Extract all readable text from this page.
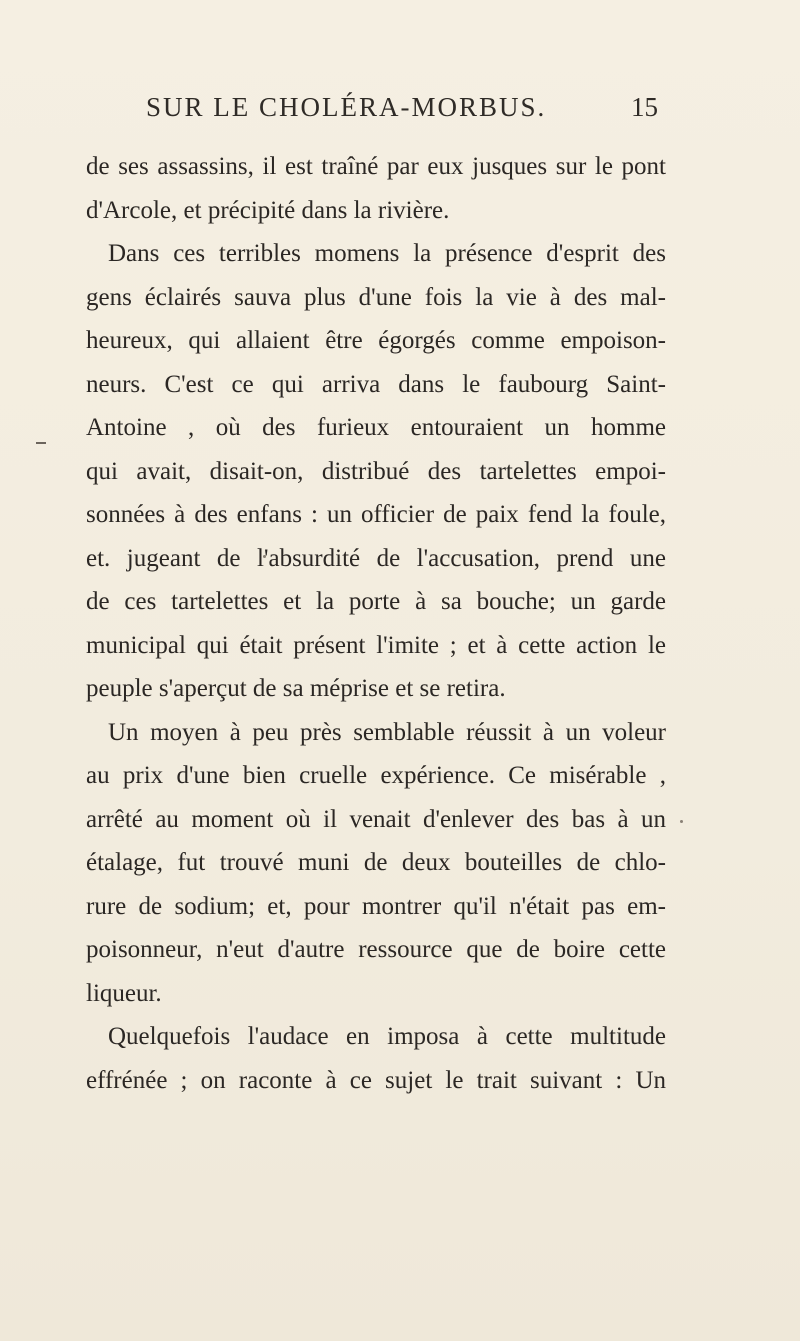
SUR LE CHOLÉRA-MORBUS.	15
de ses assassins, il est traîné par eux jusques sur le pont
d'Arcole, et précipité dans la rivière.
Dans ces terribles momens la présence d'esprit des
gens éclairés sauva plus d'une fois la vie à des mal-
heureux, qui allaient être égorgés comme empoison-
neurs. C'est ce qui arriva dans le faubourg Saint-
Antoine , où des furieux entouraient un homme
qui avait, disait-on, distribué des tartelettes empoi-
sonnées à des enfans : un officier de paix fend la foule,
et. jugeant de l'absurdité de l'accusation, prend une
de ces tartelettes et la porte à sa bouche; un garde
municipal qui était présent l'imite ; et à cette action le
peuple s'aperçut de sa méprise et se retira.
Un moyen à peu près semblable réussit à un voleur
au prix d'une bien cruelle expérience. Ce misérable ,
arrêté au moment où il venait d'enlever des bas à un
étalage, fut trouvé muni de deux bouteilles de chlo-
rure de sodium; et, pour montrer qu'il n'était pas em-
poisonneur, n'eut d'autre ressource que de boire cette
liqueur.
Quelquefois l'audace en imposa à cette multitude
effrénée ; on raconte à ce sujet le trait suivant : Un
